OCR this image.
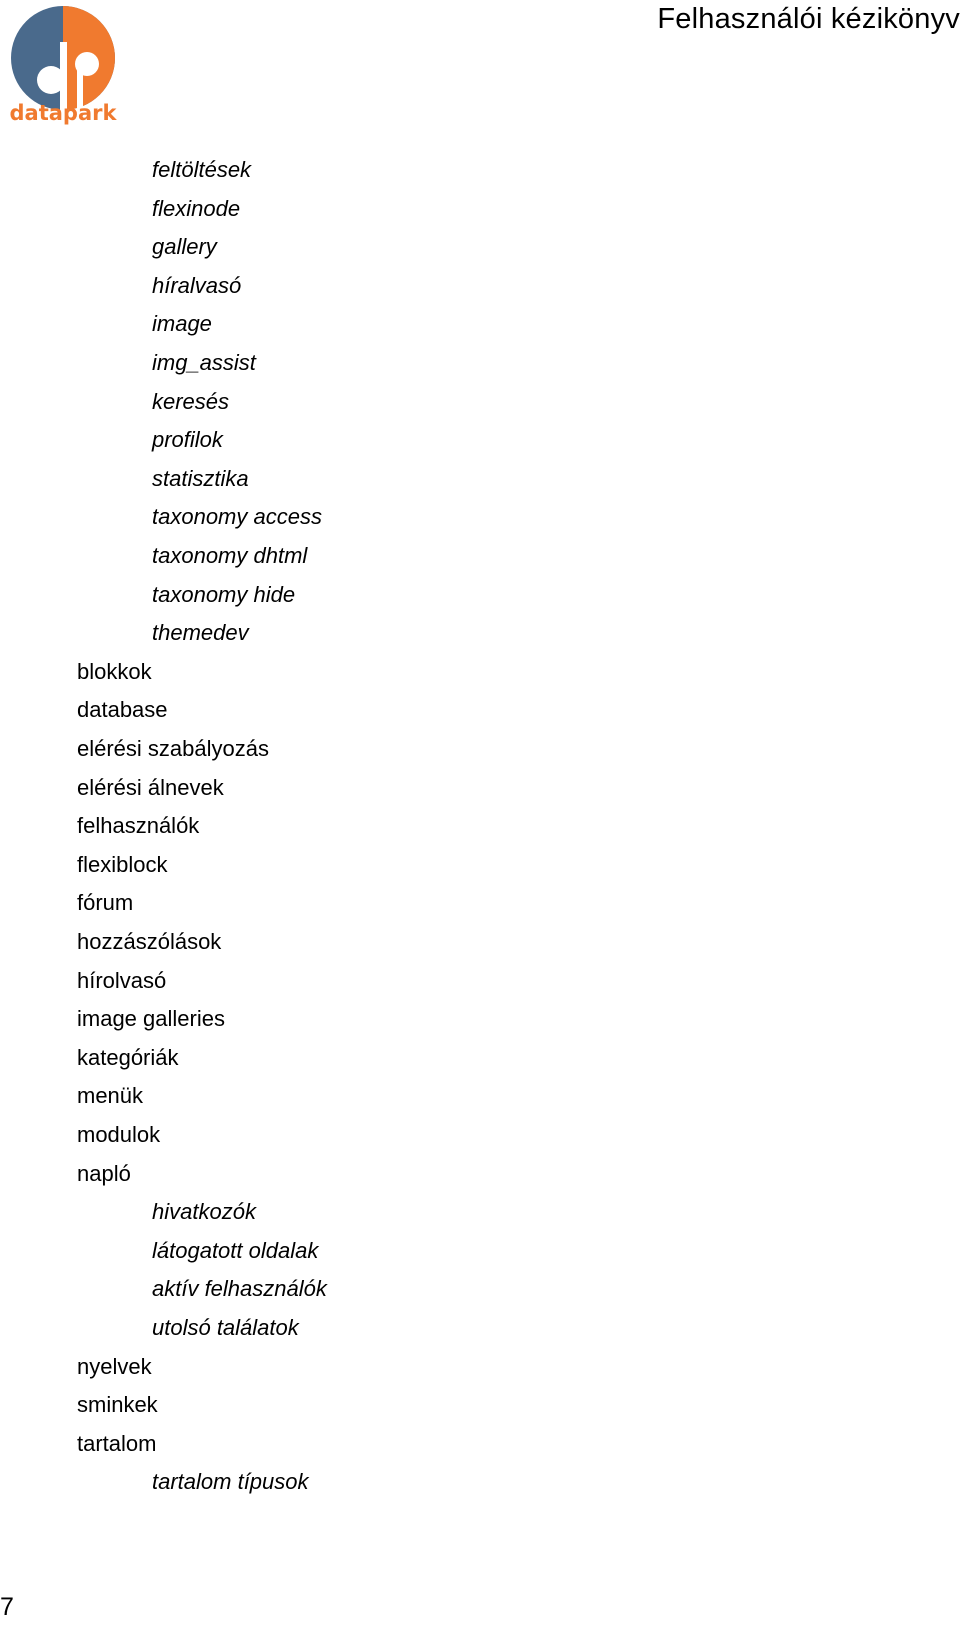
datapark
Felhasználói kézikönyv
feltöltések
flexinode
gallery
híralvasó
image
img_assist
keresés
profilok
statisztika
taxonomy access
taxonomy dhtml
taxonomy hide
themedev
blokkok
database
elérési szabályozás
elérési álnevek
felhasználók
flexiblock
fórum
hozzászólások
hírolvasó
image galleries
kategóriák
menük
modulok
napló
hivatkozók
látogatott oldalak
aktív felhasználók
utolsó találatok
nyelvek
sminkek
tartalom
tartalom típusok
7
